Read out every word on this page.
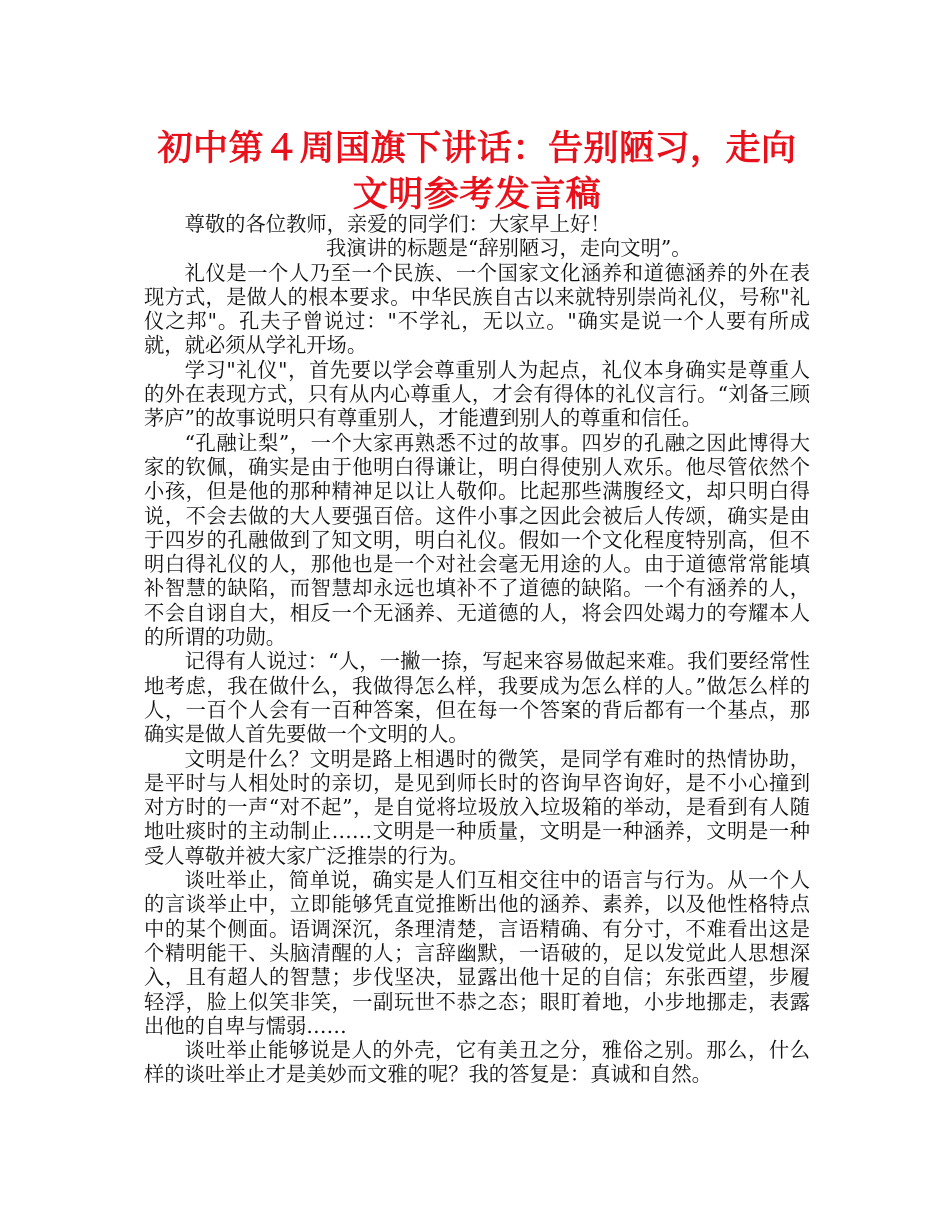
初中第４周国旗下讲话：告别陋习，走向
文明参考发言稿

尊敬的各位教师，亲爱的同学们：大家早上好！

我演讲的标题是“辞别陋习，走向文明”。

礼仪是一个人乃至一个民族、一个国家文化涵养和道德涵养的外在表现方式，是做人的根本要求。中华民族自古以来就特别崇尚礼仪，号称"礼仪之邦"。孔夫子曾说过："不学礼，无以立。"确实是说一个人要有所成就，就必须从学礼开场。

学习"礼仪"，首先要以学会尊重别人为起点，礼仪本身确实是尊重人的外在表现方式，只有从内心尊重人，才会有得体的礼仪言行。“刘备三顾茅庐”的故事说明只有尊重别人，才能遭到别人的尊重和信任。

“孔融让梨”，一个大家再熟悉不过的故事。四岁的孔融之因此博得大家的钦佩，确实是由于他明白得谦让，明白得使别人欢乐。他尽管依然个小孩，但是他的那种精神足以让人敬仰。比起那些满腹经文，却只明白得说，不会去做的大人要强百倍。这件小事之因此会被后人传颂，确实是由于四岁的孔融做到了知文明，明白礼仪。假如一个文化程度特别高，但不明白得礼仪的人，那他也是一个对社会毫无用途的人。由于道德常常能填补智慧的缺陷，而智慧却永远也填补不了道德的缺陷。一个有涵养的人，不会自诩自大，相反一个无涵养、无道德的人，将会四处竭力的夸耀本人的所谓的功勋。

记得有人说过：“人，一撇一捺，写起来容易做起来难。我们要经常性地考虑，我在做什么，我做得怎么样，我要成为怎么样的人。”做怎么样的人，一百个人会有一百种答案，但在每一个答案的背后都有一个基点，那确实是做人首先要做一个文明的人。

文明是什么？文明是路上相遇时的微笑，是同学有难时的热情协助，是平时与人相处时的亲切，是见到师长时的咨询早咨询好，是不小心撞到对方时的一声“对不起”，是自觉将垃圾放入垃圾箱的举动，是看到有人随地吐痰时的主动制止……文明是一种质量，文明是一种涵养，文明是一种受人尊敬并被大家广泛推崇的行为。

谈吐举止，简单说，确实是人们互相交往中的语言与行为。从一个人的言谈举止中，立即能够凭直觉推断出他的涵养、素养，以及他性格特点中的某个侧面。语调深沉，条理清楚，言语精确、有分寸，不难看出这是个精明能干、头脑清醒的人；言辞幽默，一语破的，足以发觉此人思想深入，且有超人的智慧；步伐坚决，显露出他十足的自信；东张西望，步履轻浮，脸上似笑非笑，一副玩世不恭之态；眼盯着地，小步地挪走，表露出他的自卑与懦弱……

谈吐举止能够说是人的外壳，它有美丑之分，雅俗之别。那么，什么样的谈吐举止才是美妙而文雅的呢？我的答复是：真诚和自然。
